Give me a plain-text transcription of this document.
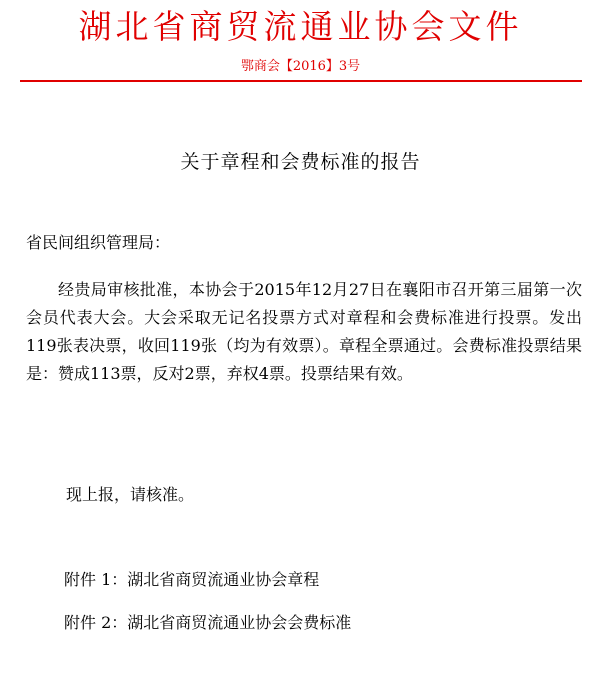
湖北省商贸流通业协会文件
鄂商会【2016】3号
关于章程和会费标准的报告
省民间组织管理局：

经贵局审核批准，本协会于2015年12月27日在襄阳市召开第三届第一次会员代表大会。大会采取无记名投票方式对章程和会费标准进行投票。发出119张表决票，收回119张（均为有效票）。章程全票通过。会费标准投票结果是：赞成113票，反对2票，弃权4票。投票结果有效。

现上报，请核准。

附件 1：湖北省商贸流通业协会章程
附件 2：湖北省商贸流通业协会会费标准
